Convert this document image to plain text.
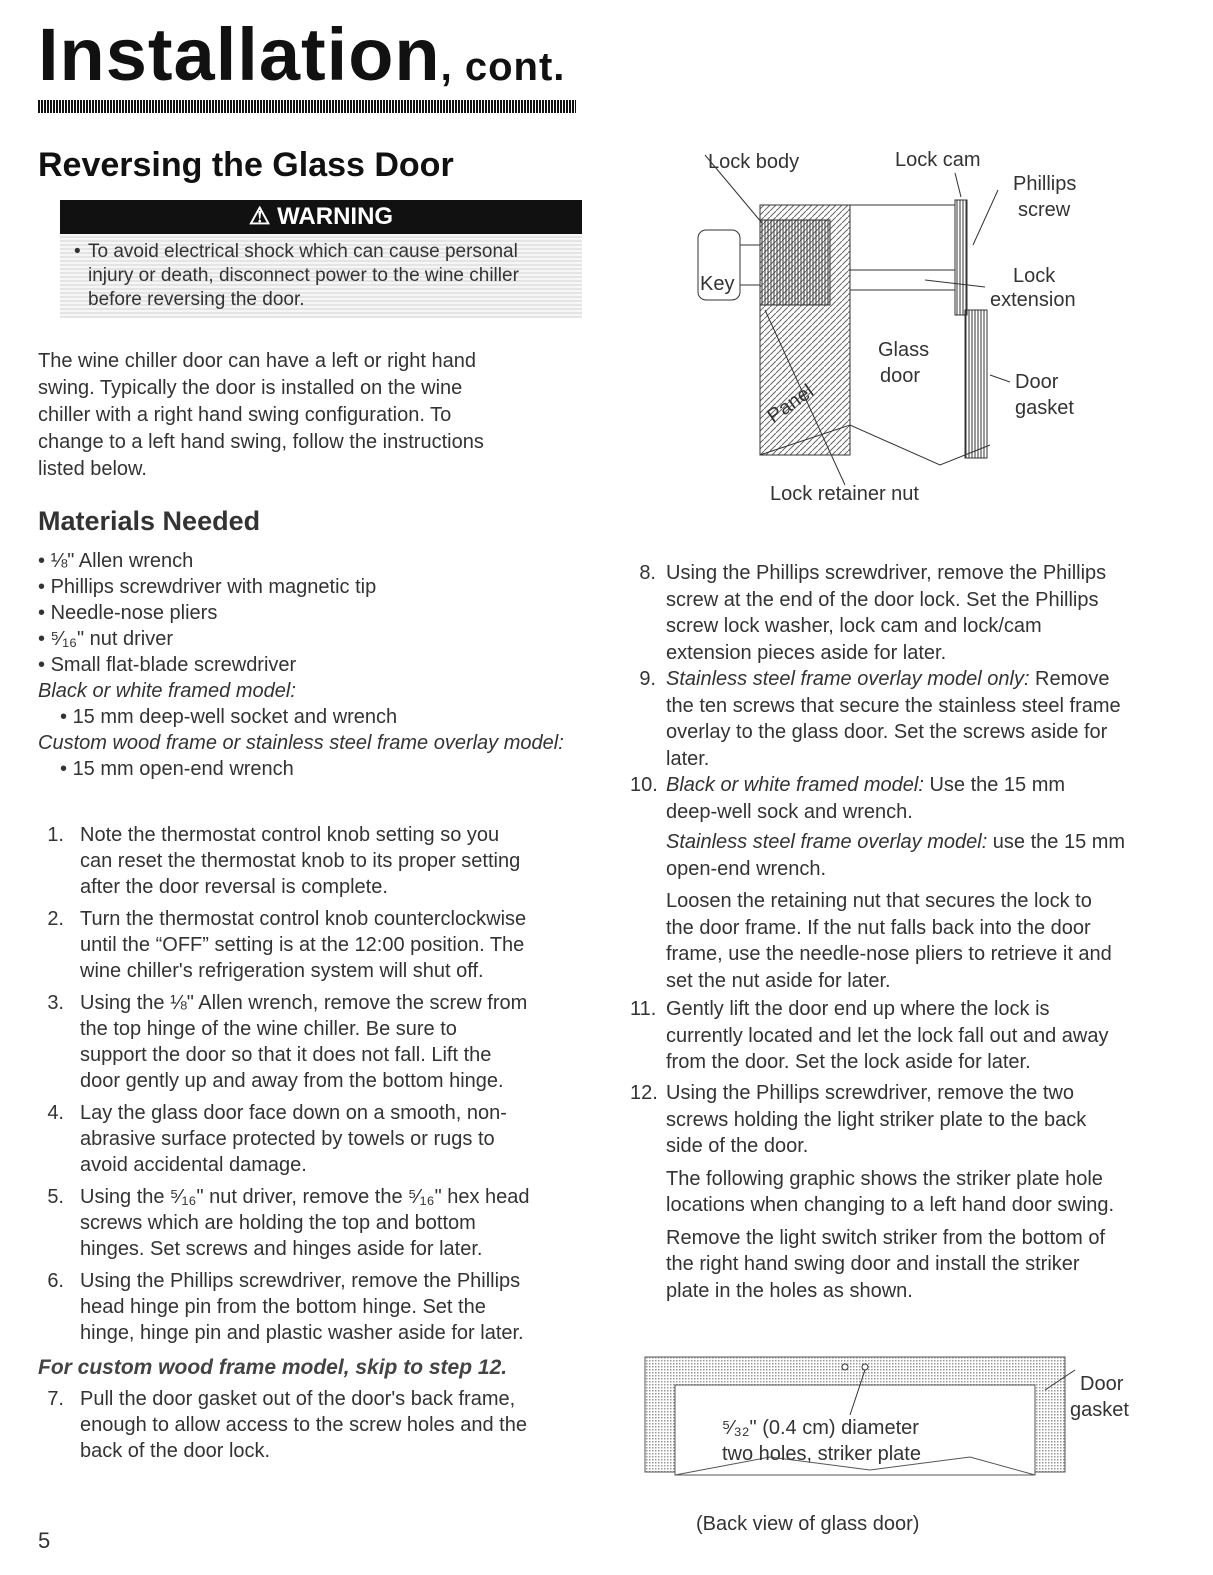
Installation, cont.
Reversing the Glass Door
⚠ WARNING
• To avoid electrical shock which can cause personal
injury or death, disconnect power to the wine chiller
before reversing the door.
The wine chiller door can have a left or right hand
swing. Typically the door is installed on the wine
chiller with a right hand swing configuration. To
change to a left hand swing, follow the instructions
listed below.
Materials Needed
• ⅛" Allen wrench
• Phillips screwdriver with magnetic tip
• Needle-nose pliers
• ⁵⁄₁₆" nut driver
• Small flat-blade screwdriver
Black or white framed model:
• 15 mm deep-well socket and wrench
Custom wood frame or stainless steel frame overlay model:
• 15 mm open-end wrench
1. Note the thermostat control knob setting so you
can reset the thermostat knob to its proper setting
after the door reversal is complete.
2. Turn the thermostat control knob counterclockwise
until the “OFF” setting is at the 12:00 position. The
wine chiller's refrigeration system will shut off.
3. Using the ⅛" Allen wrench, remove the screw from
the top hinge of the wine chiller. Be sure to
support the door so that it does not fall. Lift the
door gently up and away from the bottom hinge.
4. Lay the glass door face down on a smooth, non-
abrasive surface protected by towels or rugs to
avoid accidental damage.
5. Using the ⁵⁄₁₆" nut driver, remove the ⁵⁄₁₆" hex head
screws which are holding the top and bottom
hinges. Set screws and hinges aside for later.
6. Using the Phillips screwdriver, remove the Phillips
head hinge pin from the bottom hinge. Set the
hinge, hinge pin and plastic washer aside for later.
For custom wood frame model, skip to step 12.
7. Pull the door gasket out of the door's back frame,
enough to allow access to the screw holes and the
back of the door lock.
5
Lock body	Lock cam
Phillips
screw
Key	Lock
extension
Glass
door
Panel	Door
gasket
Lock retainer nut
8. Using the Phillips screwdriver, remove the Phillips
screw at the end of the door lock. Set the Phillips
screw lock washer, lock cam and lock/cam
extension pieces aside for later.
9. Stainless steel frame overlay model only: Remove
the ten screws that secure the stainless steel frame
overlay to the glass door. Set the screws aside for
later.
10. Black or white framed model: Use the 15 mm
deep-well sock and wrench.
Stainless steel frame overlay model: use the 15 mm
open-end wrench.
Loosen the retaining nut that secures the lock to
the door frame. If the nut falls back into the door
frame, use the needle-nose pliers to retrieve it and
set the nut aside for later.
11. Gently lift the door end up where the lock is
currently located and let the lock fall out and away
from the door. Set the lock aside for later.
12. Using the Phillips screwdriver, remove the two
screws holding the light striker plate to the back
side of the door.
The following graphic shows the striker plate hole
locations when changing to a left hand door swing.
Remove the light switch striker from the bottom of
the right hand swing door and install the striker
plate in the holes as shown.
⁵⁄₃₂" (0.4 cm) diameter
two holes, striker plate
Door
gasket
(Back view of glass door)
